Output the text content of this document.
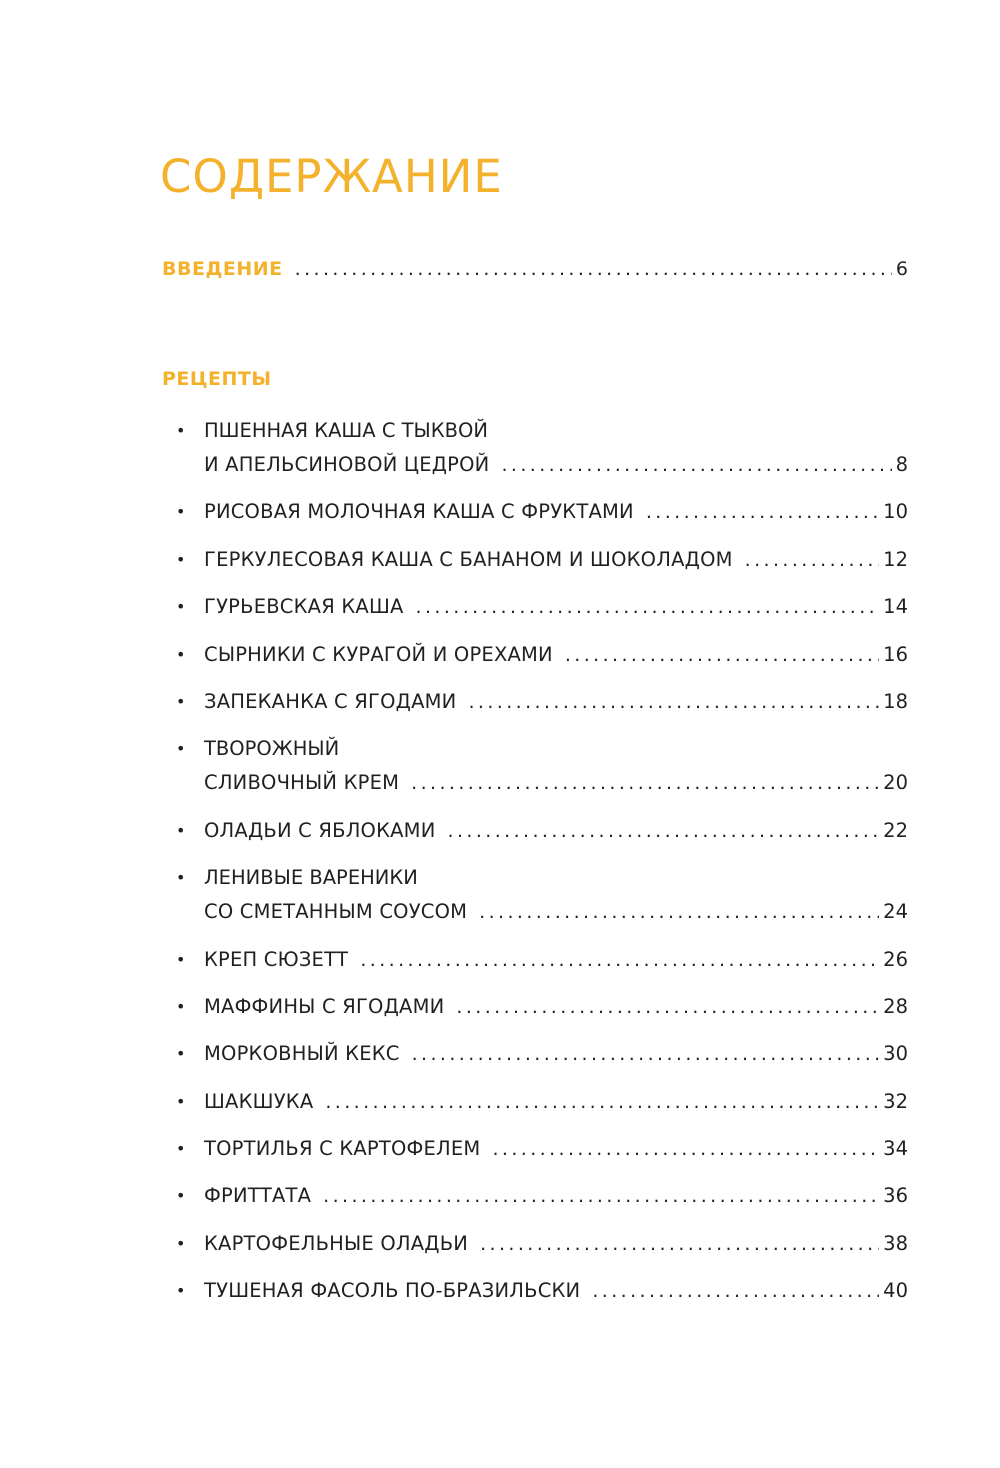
СОДЕРЖАНИЕ
ВВЕДЕНИЕ .....	6
РЕЦЕПТЫ
• ПШЕННАЯ КАША С ТЫКВОЙ
И АПЕЛЬСИНОВОЙ ЦЕДРОЙ .....	8
• РИСОВАЯ МОЛОЧНАЯ КАША С ФРУКТАМИ .....	10
• ГЕРКУЛЕСОВАЯ КАША С БАНАНОМ И ШОКОЛАДОМ .....	12
• ГУРЬЕВСКАЯ КАША .....	14
• СЫРНИКИ С КУРАГОЙ И ОРЕХАМИ .....	16
• ЗАПЕКАНКА С ЯГОДАМИ .....	18
• ТВОРОЖНЫЙ
СЛИВОЧНЫЙ КРЕМ .....	20
• ОЛАДЬИ С ЯБЛОКАМИ .....	22
• ЛЕНИВЫЕ ВАРЕНИКИ
СО СМЕТАННЫМ СОУСОМ .....	24
• КРЕП СЮЗЕТТ .....	26
• МАФФИНЫ С ЯГОДАМИ .....	28
• МОРКОВНЫЙ КЕКС .....	30
• ШАКШУКА .....	32
• ТОРТИЛЬЯ С КАРТОФЕЛЕМ .....	34
• ФРИТТАТА .....	36
• КАРТОФЕЛЬНЫЕ ОЛАДЬИ .....	38
• ТУШЕНАЯ ФАСОЛЬ ПО-БРАЗИЛЬСКИ .....	40
